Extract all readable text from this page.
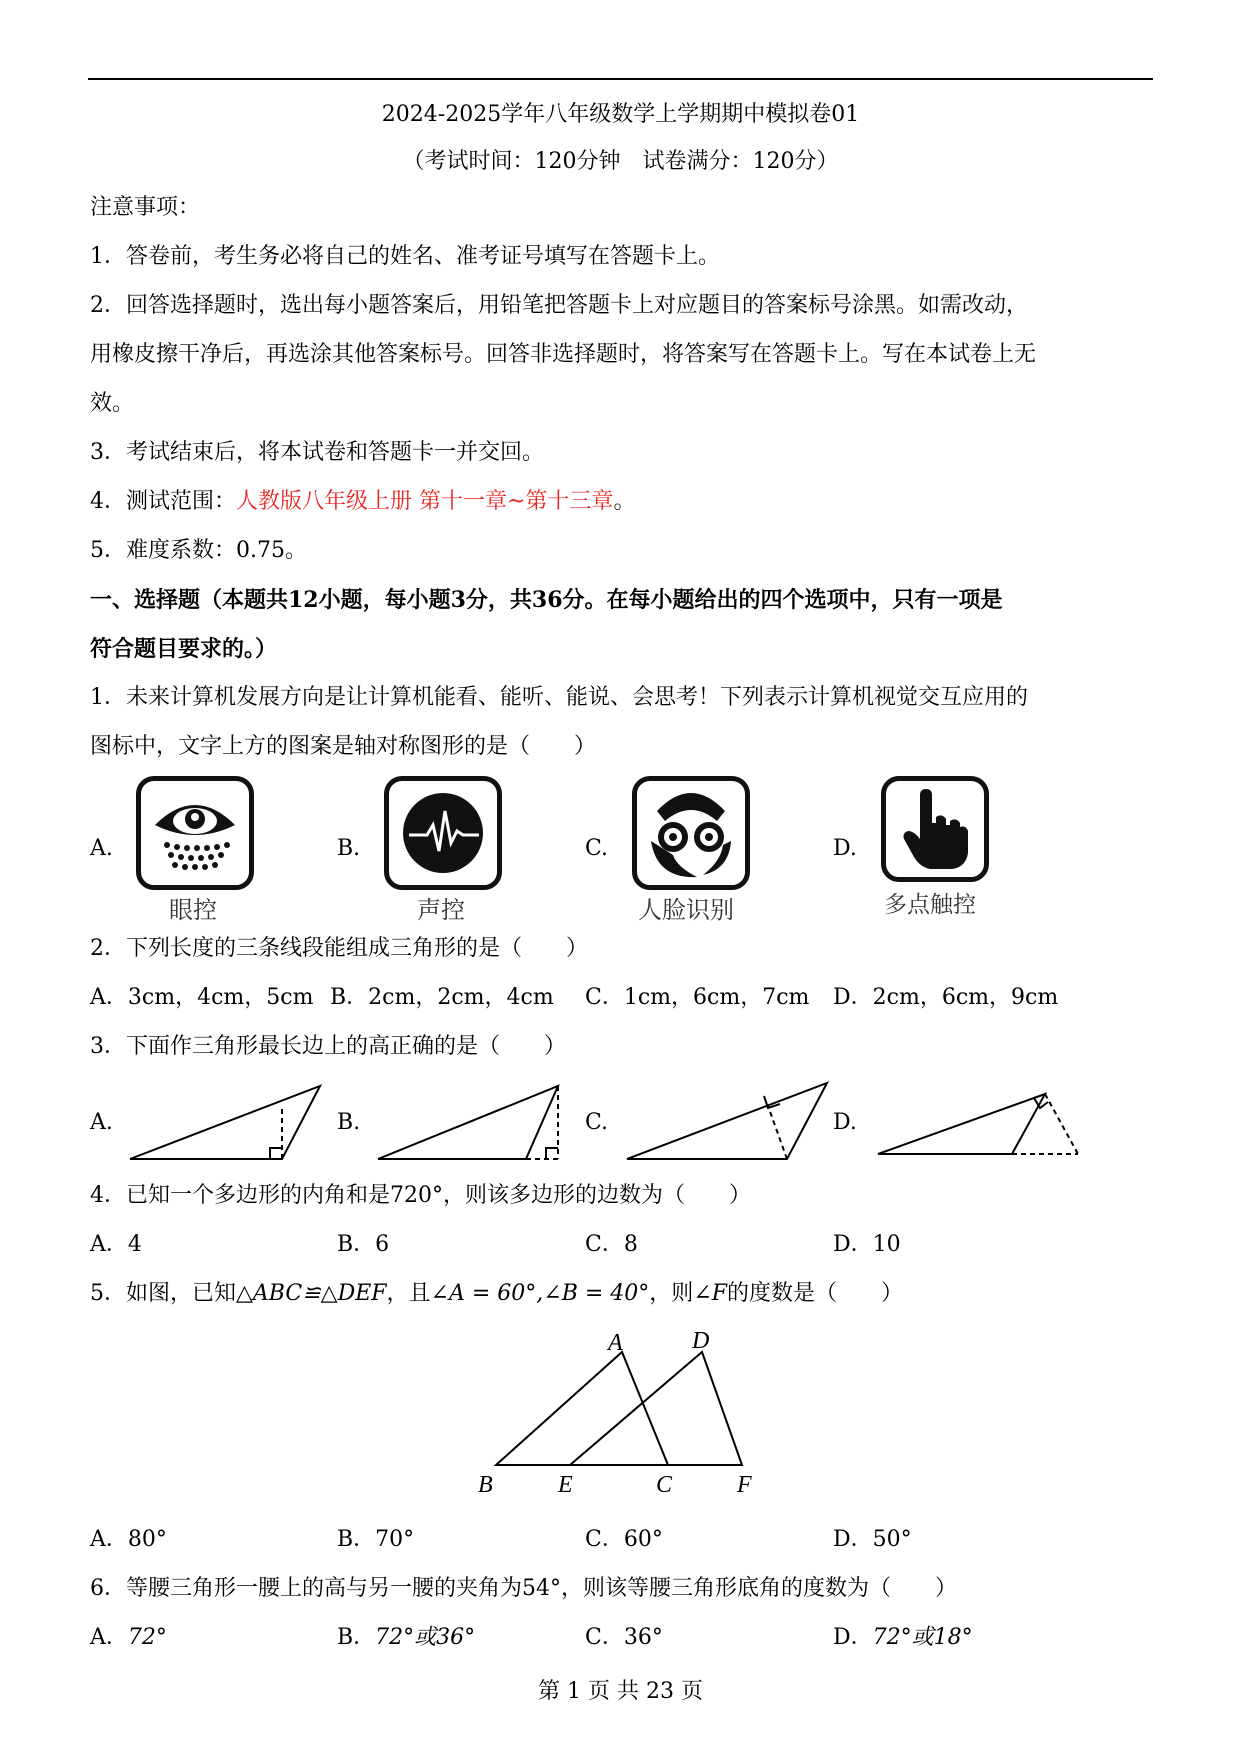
2024-2025学年八年级数学上学期期中模拟卷01
（考试时间：120分钟　试卷满分：120分）
注意事项：
1．答卷前，考生务必将自己的姓名、准考证号填写在答题卡上。
2．回答选择题时，选出每小题答案后，用铅笔把答题卡上对应题目的答案标号涂黑。如需改动，
用橡皮擦干净后，再选涂其他答案标号。回答非选择题时，将答案写在答题卡上。写在本试卷上无
效。
3．考试结束后，将本试卷和答题卡一并交回。
4．测试范围：人教版八年级上册 第十一章~第十三章。
5．难度系数：0.75。
一、选择题（本题共12小题，每小题3分，共36分。在每小题给出的四个选项中，只有一项是
符合题目要求的。）
1．未来计算机发展方向是让计算机能看、能听、能说、会思考！下列表示计算机视觉交互应用的
图标中，文字上方的图案是轴对称图形的是（　　）
A.	B.	C.	D.
眼控	声控	人脸识别	多点触控
2．下列长度的三条线段能组成三角形的是（　　）
A．3cm，4cm，5cm B．2cm，2cm，4cm C．1cm，6cm，7cm D．2cm，6cm，9cm
3．下面作三角形最长边上的高正确的是（　　）
A.	B.	C.	D.
4．已知一个多边形的内角和是720°，则该多边形的边数为（　　）
A．4	B．6	C．8	D．10
5．如图，已知△ABC≌△DEF，且∠A = 60°,∠B = 40°，则∠F的度数是（　　）
A	D
B	E	C	F
A．80°	B．70°	C．60°	D．50°
6．等腰三角形一腰上的高与另一腰的夹角为54°，则该等腰三角形底角的度数为（　　）
A．72°	B．72°或36°	C．36°	D．72°或18°
第 1 页 共 23 页
